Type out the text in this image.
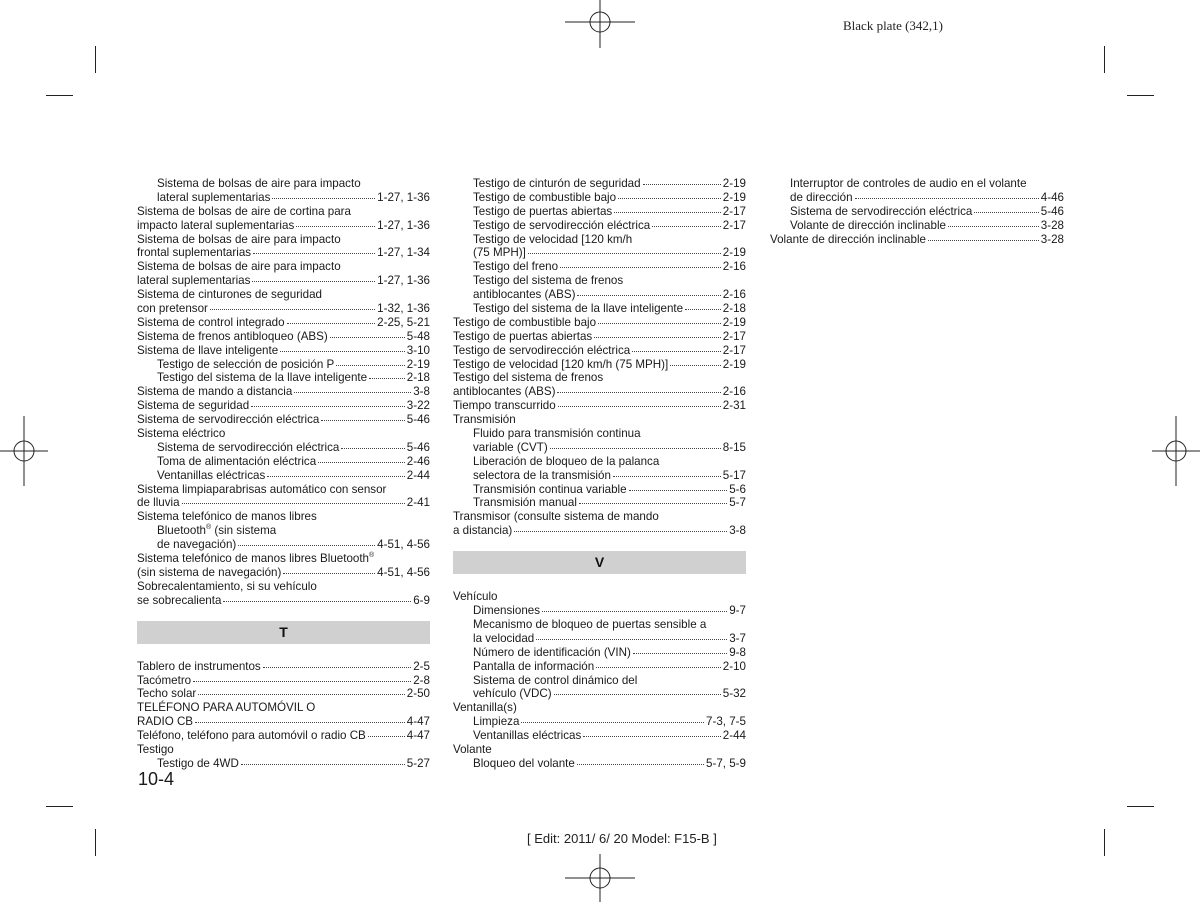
Black plate (342,1)
Sistema de bolsas de aire para impacto
lateral suplementarias	1-27, 1-36
Sistema de bolsas de aire de cortina para
impacto lateral suplementarias	1-27, 1-36
Sistema de bolsas de aire para impacto
frontal suplementarias	1-27, 1-34
Sistema de bolsas de aire para impacto
lateral suplementarias	1-27, 1-36
Sistema de cinturones de seguridad
con pretensor	1-32, 1-36
Sistema de control integrado	2-25, 5-21
Sistema de frenos antibloqueo (ABS)	5-48
Sistema de llave inteligente	3-10
Testigo de selección de posición P	2-19
Testigo del sistema de la llave inteligente	2-18
Sistema de mando a distancia	3-8
Sistema de seguridad	3-22
Sistema de servodirección eléctrica	5-46
Sistema eléctrico
Sistema de servodirección eléctrica	5-46
Toma de alimentación eléctrica	2-46
Ventanillas eléctricas	2-44
Sistema limpiaparabrisas automático con sensor
de lluvia	2-41
Sistema telefónico de manos libres
Bluetooth® (sin sistema
de navegación)	4-51, 4-56
Sistema telefónico de manos libres Bluetooth®
(sin sistema de navegación)	4-51, 4-56
Sobrecalentamiento, si su vehículo
se sobrecalienta	6-9
T
Tablero de instrumentos	2-5
Tacómetro	2-8
Techo solar	2-50
TELÉFONO PARA AUTOMÓVIL O
RADIO CB	4-47
Teléfono, teléfono para automóvil o radio CB	4-47
Testigo
Testigo de 4WD	5-27
Testigo de cinturón de seguridad	2-19
Testigo de combustible bajo	2-19
Testigo de puertas abiertas	2-17
Testigo de servodirección eléctrica	2-17
Testigo de velocidad [120 km/h
(75 MPH)]	2-19
Testigo del freno	2-16
Testigo del sistema de frenos
antiblocantes (ABS)	2-16
Testigo del sistema de la llave inteligente	2-18
Testigo de combustible bajo	2-19
Testigo de puertas abiertas	2-17
Testigo de servodirección eléctrica	2-17
Testigo de velocidad [120 km/h (75 MPH)]	2-19
Testigo del sistema de frenos
antiblocantes (ABS)	2-16
Tiempo transcurrido	2-31
Transmisión
Fluido para transmisión continua
variable (CVT)	8-15
Liberación de bloqueo de la palanca
selectora de la transmisión	5-17
Transmisión continua variable	5-6
Transmisión manual	5-7
Transmisor (consulte sistema de mando
a distancia)	3-8
V
Vehículo
Dimensiones	9-7
Mecanismo de bloqueo de puertas sensible a
la velocidad	3-7
Número de identificación (VIN)	9-8
Pantalla de información	2-10
Sistema de control dinámico del
vehículo (VDC)	5-32
Ventanilla(s)
Limpieza	7-3, 7-5
Ventanillas eléctricas	2-44
Volante
Bloqueo del volante	5-7, 5-9
Interruptor de controles de audio en el volante
de dirección	4-46
Sistema de servodirección eléctrica	5-46
Volante de dirección inclinable	3-28
Volante de dirección inclinable	3-28
10-4
[ Edit: 2011/ 6/ 20 Model: F15-B ]
